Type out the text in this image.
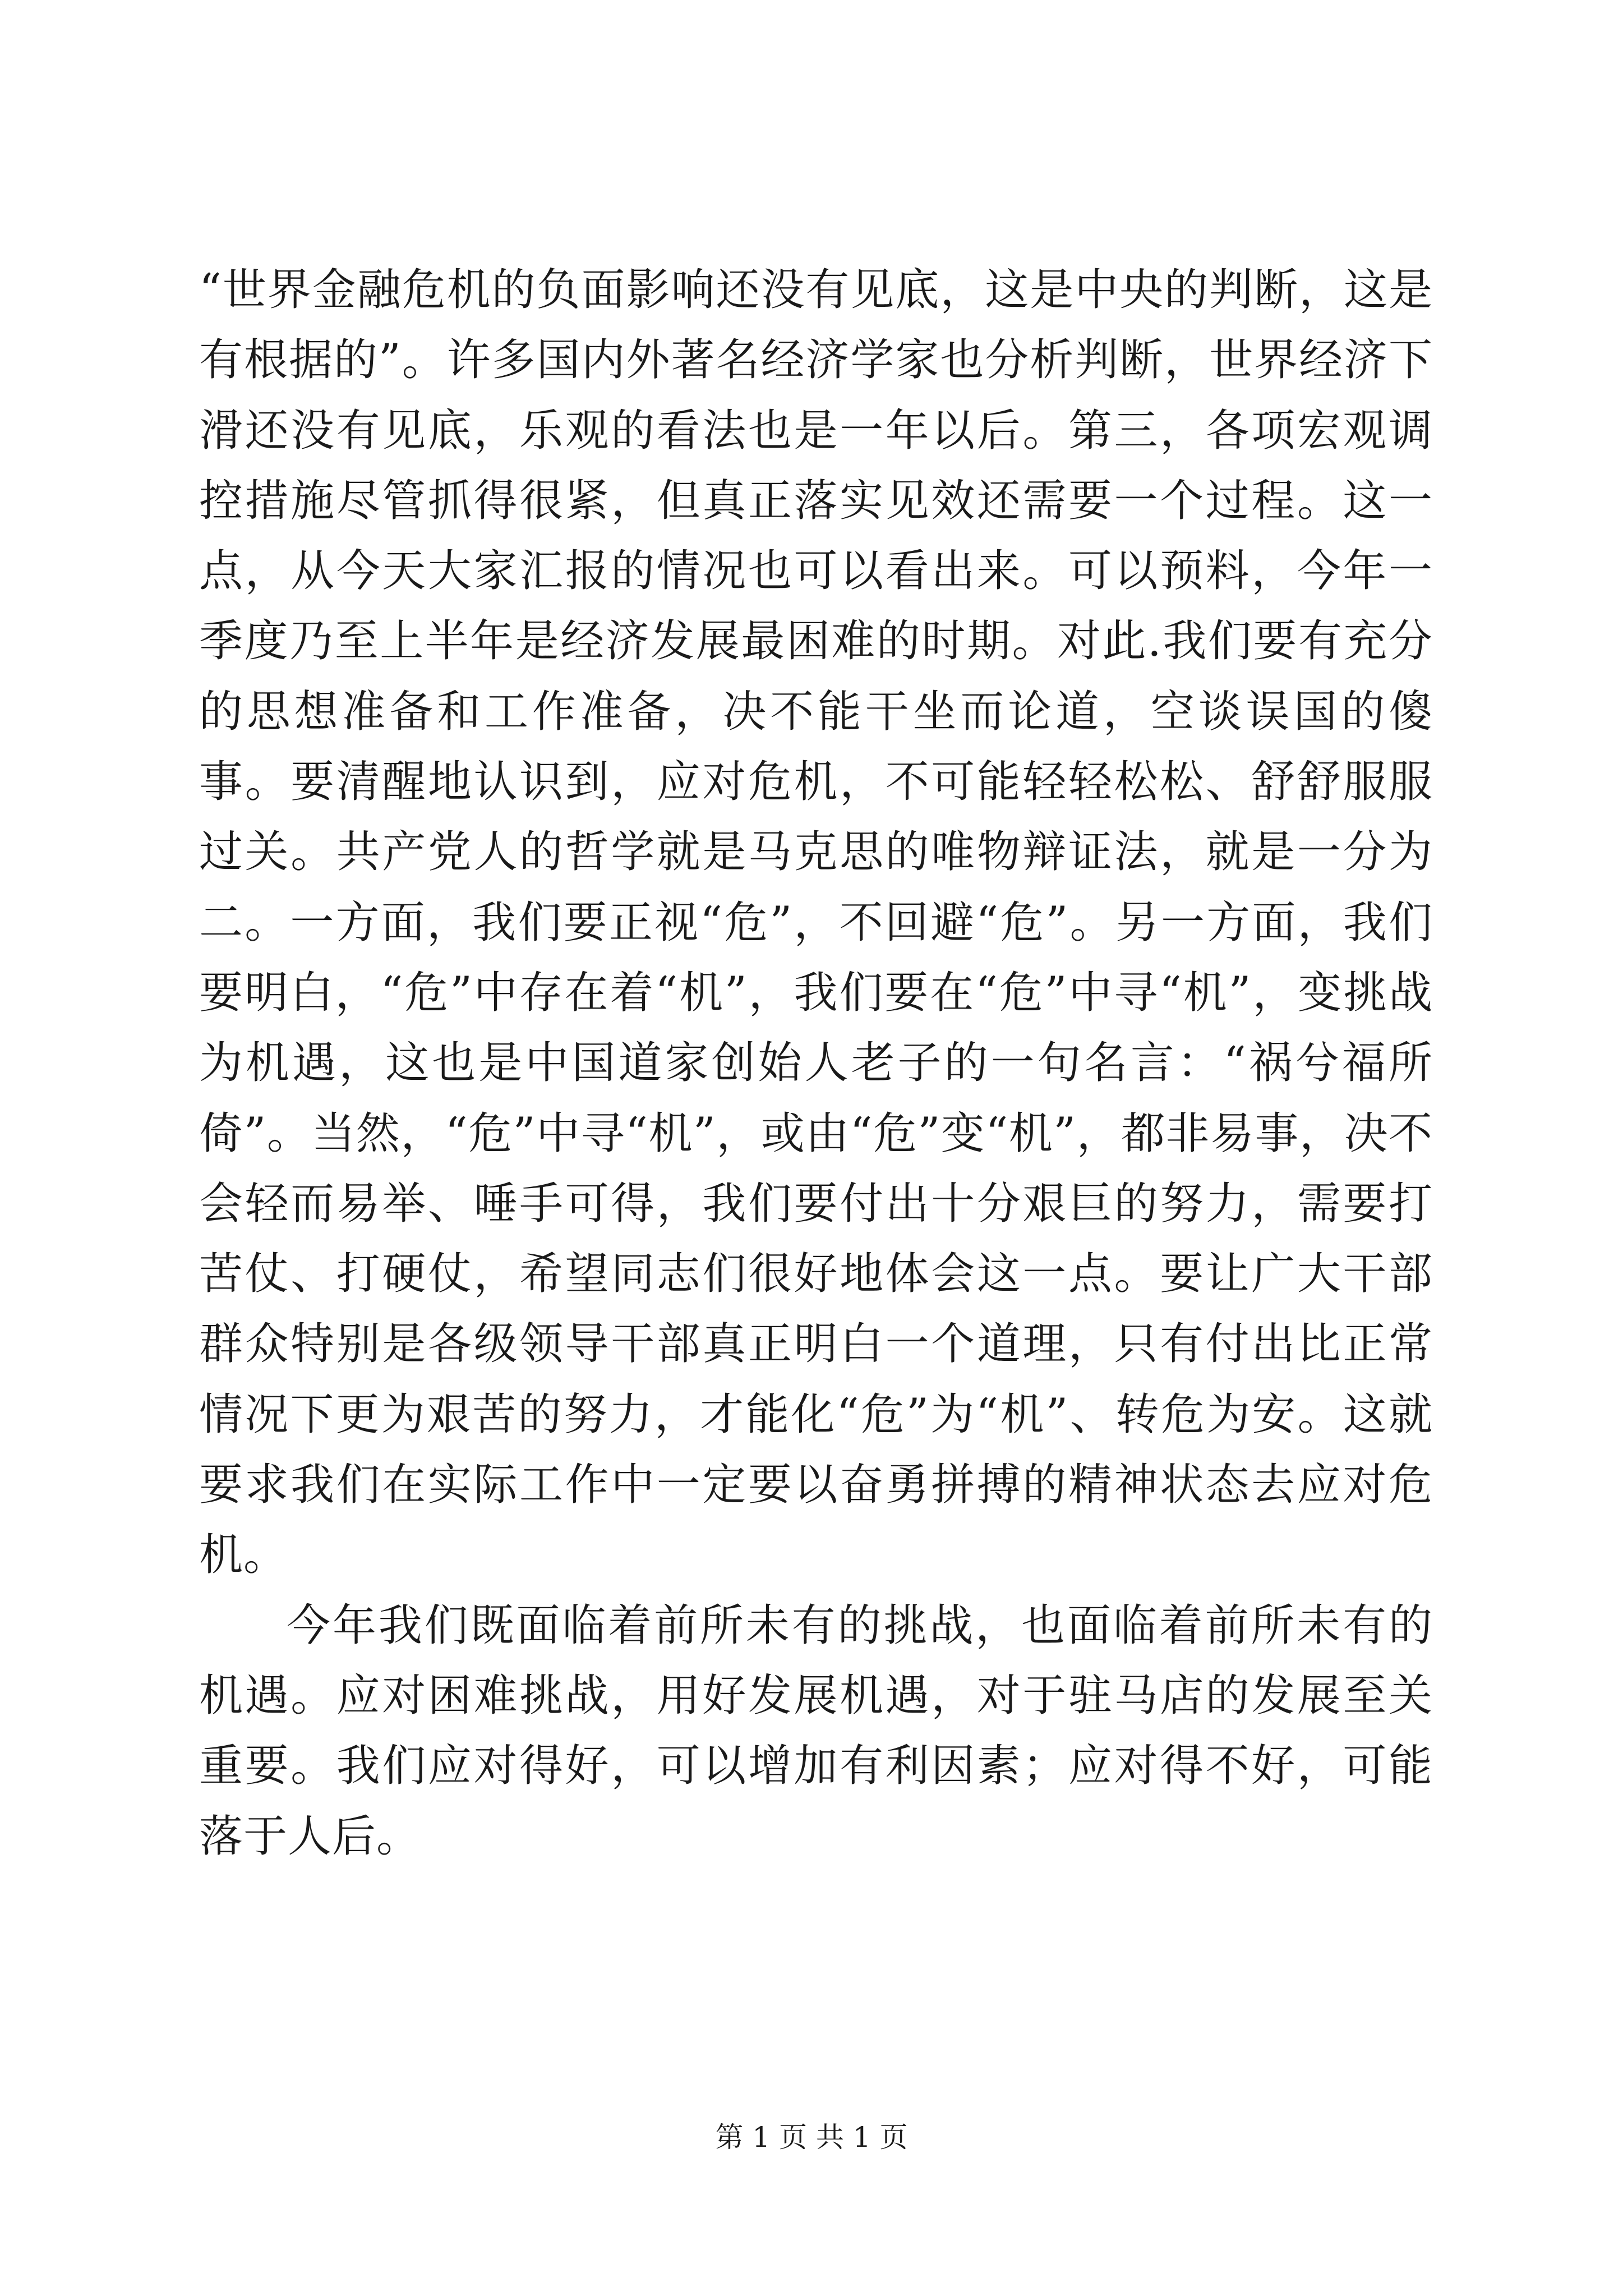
“世界金融危机的负面影响还没有见底，这是中央的判断，这是有根据的”。许多国内外著名经济学家也分析判断，世界经济下滑还没有见底，乐观的看法也是一年以后。第三，各项宏观调控措施尽管抓得很紧，但真正落实见效还需要一个过程。这一点，从今天大家汇报的情况也可以看出来。可以预料，今年一季度乃至上半年是经济发展最困难的时期。对此.我们要有充分的思想准备和工作准备，决不能干坐而论道，空谈误国的傻事。要清醒地认识到，应对危机，不可能轻轻松松、舒舒服服过关。共产党人的哲学就是马克思的唯物辩证法，就是一分为二。一方面，我们要正视“危”，不回避“危”。另一方面，我们要明白，“危”中存在着“机”，我们要在“危”中寻“机”，变挑战为机遇，这也是中国道家创始人老子的一句名言：“祸兮福所倚”。当然，“危”中寻“机”，或由“危”变“机”，都非易事，决不会轻而易举、唾手可得，我们要付出十分艰巨的努力，需要打苦仗、打硬仗，希望同志们很好地体会这一点。要让广大干部群众特别是各级领导干部真正明白一个道理，只有付出比正常情况下更为艰苦的努力，才能化“危”为“机”、转危为安。这就要求我们在实际工作中一定要以奋勇拼搏的精神状态去应对危机。

今年我们既面临着前所未有的挑战，也面临着前所未有的机遇。应对困难挑战，用好发展机遇，对于驻马店的发展至关重要。我们应对得好，可以增加有利因素；应对得不好，可能落于人后。

第 1 页 共 1 页
